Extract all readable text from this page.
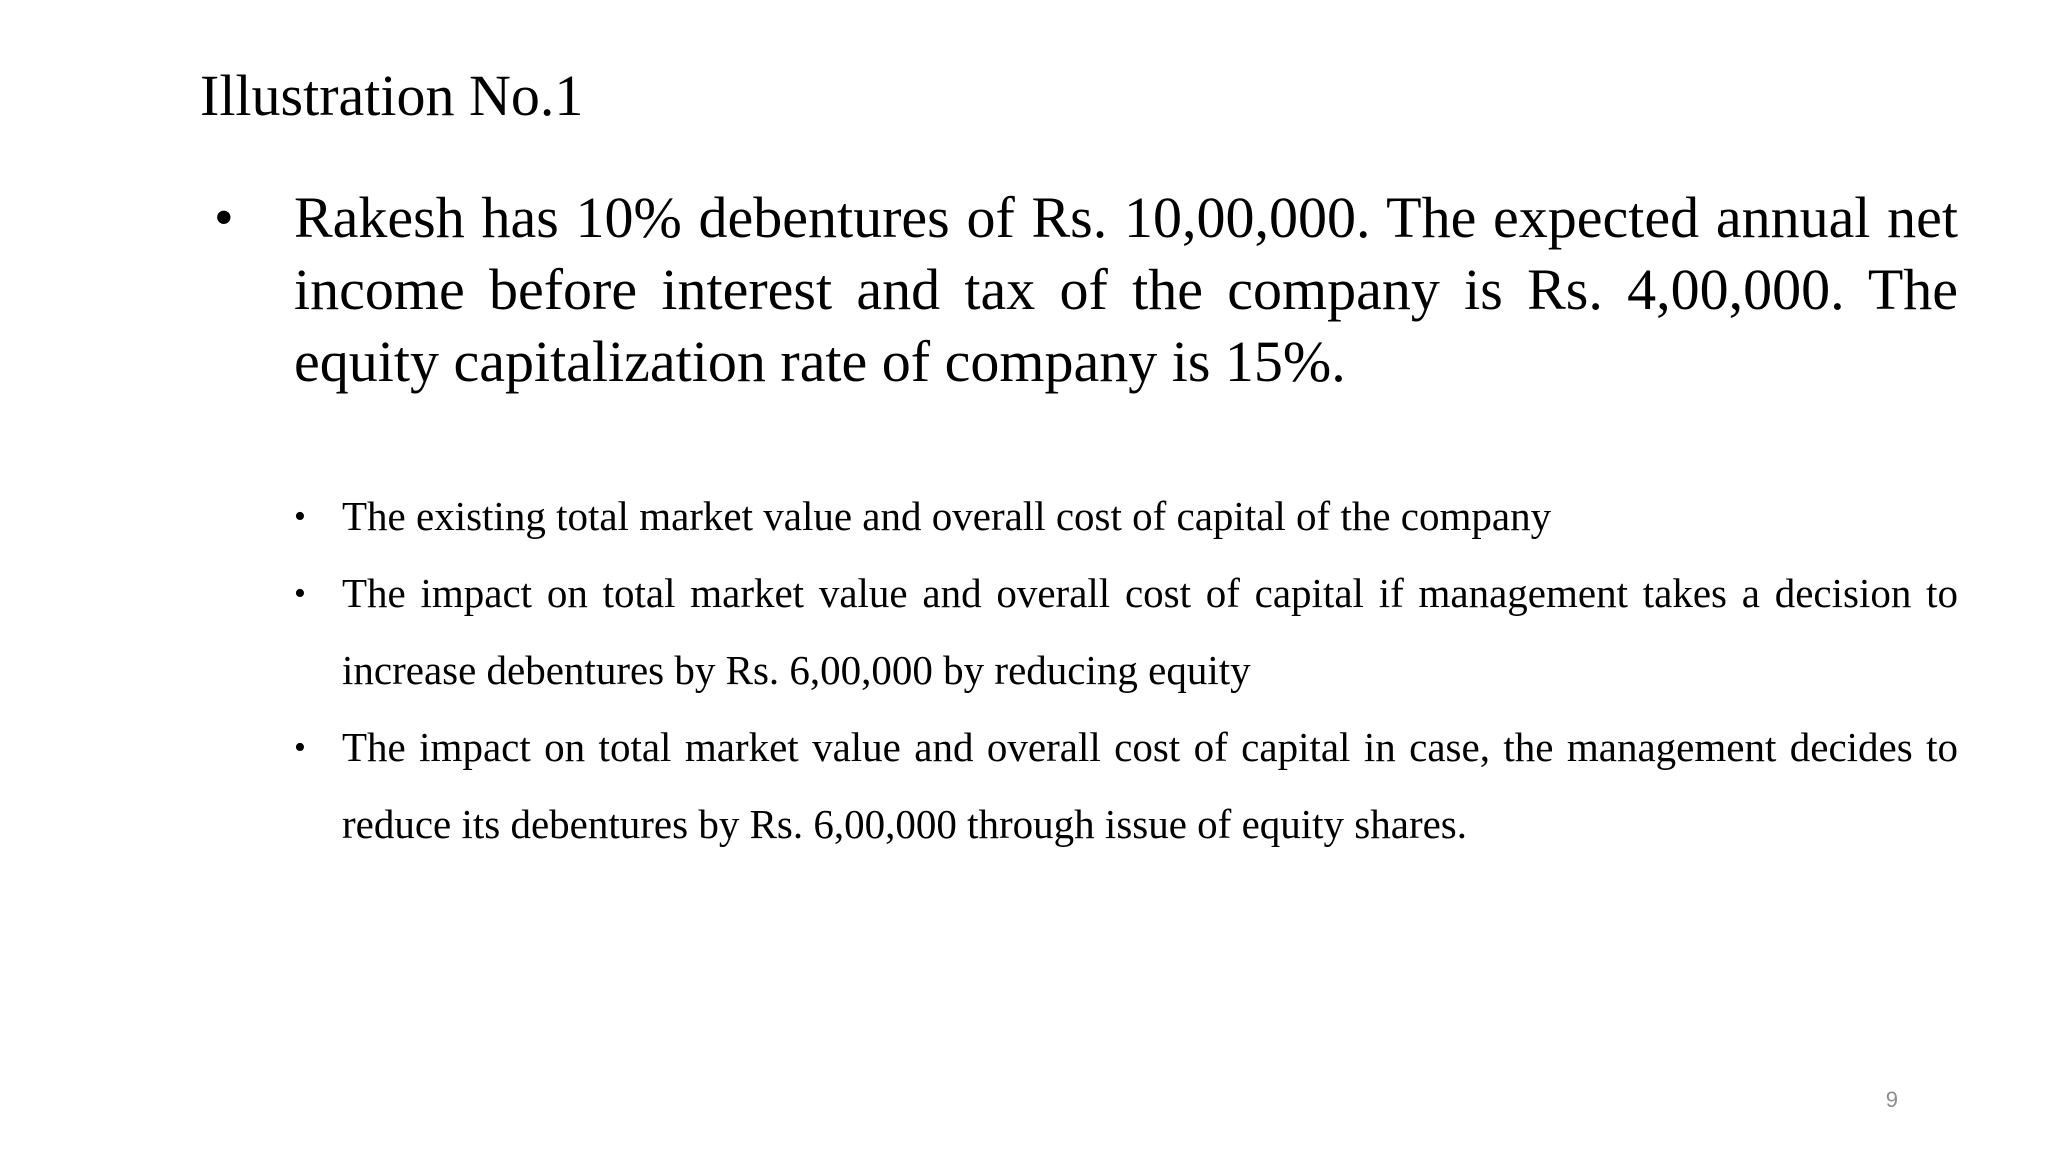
Illustration No.1
• Rakesh has 10% debentures of Rs. 10,00,000. The expected annual net income before interest and tax of the company is Rs. 4,00,000. The equity capitalization rate of company is 15%.
• The existing total market value and overall cost of capital of the company
• The impact on total market value and overall cost of capital if management takes a decision to increase debentures by Rs. 6,00,000 by reducing equity
• The impact on total market value and overall cost of capital in case, the management decides to reduce its debentures by Rs. 6,00,000 through issue of equity shares.
9
